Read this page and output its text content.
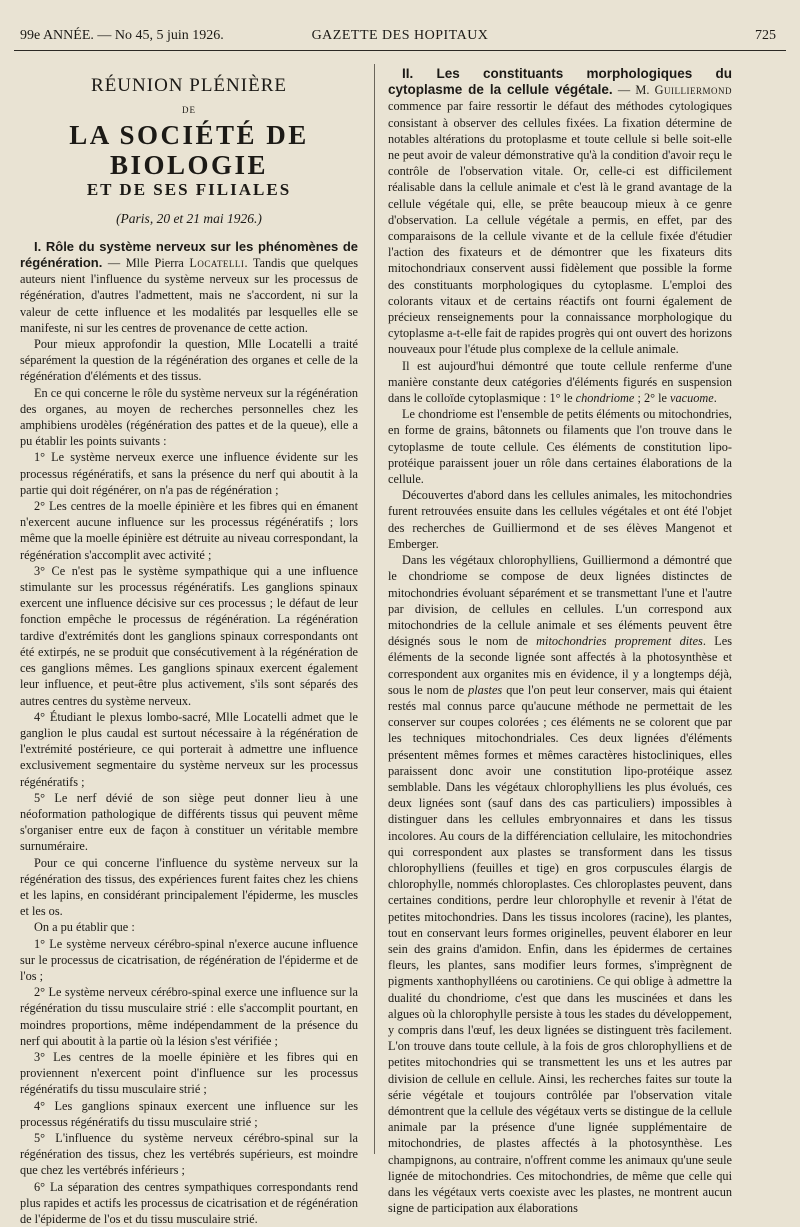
99e ANNÉE. — No 45, 5 juin 1926.	GAZETTE DES HOPITAUX	725
RÉUNION PLÉNIÈRE
DE
LA SOCIÉTÉ DE BIOLOGIE
ET DE SES FILIALES
(Paris, 20 et 21 mai 1926.)

I. Rôle du système nerveux sur les phénomènes de régénération. — Mlle Pierra Locatelli. Tandis que quelques auteurs nient l'influence du système nerveux sur les processus de régénération, d'autres l'admettent, mais ne s'accordent, ni sur la valeur de cette influence et les modalités par lesquelles elle se manifeste, ni sur les centres de provenance de cette action.

Pour mieux approfondir la question, Mlle Locatelli a traité séparément la question de la régénération des organes et celle de la régénération d'éléments et des tissus.

En ce qui concerne le rôle du système nerveux sur la régénération des organes, au moyen de recherches personnelles chez les amphibiens urodèles (régénération des pattes et de la queue), elle a pu établir les points suivants :

1° Le système nerveux exerce une influence évidente sur les processus régénératifs, et sans la présence du nerf qui aboutit à la partie qui doit régénérer, on n'a pas de régénération ;

2° Les centres de la moelle épinière et les fibres qui en émanent n'exercent aucune influence sur les processus régénératifs ; lors même que la moelle épinière est détruite au niveau correspondant, la régénération s'accomplit avec activité ;

3° Ce n'est pas le système sympathique qui a une influence stimulante sur les processus régénératifs. Les ganglions spinaux exercent une influence décisive sur ces processus ; le défaut de leur fonction empêche le processus de régénération. La régénération tardive d'extrémités dont les ganglions spinaux correspondants ont été extirpés, ne se produit que consécutivement à la régénération de ces ganglions mêmes. Les ganglions spinaux exercent également leur influence, et peut-être plus activement, s'ils sont séparés des autres centres du système nerveux.

4° Étudiant le plexus lombo-sacré, Mlle Locatelli admet que le ganglion le plus caudal est surtout nécessaire à la régénération de l'extrémité postérieure, ce qui porterait à admettre une influence exclusivement segmentaire du système nerveux sur les processus régénératifs ;

5° Le nerf dévié de son siège peut donner lieu à une néoformation pathologique de différents tissus qui peuvent même s'organiser entre eux de façon à constituer un véritable membre surnuméraire.

Pour ce qui concerne l'influence du système nerveux sur la régénération des tissus, des expériences furent faites chez les chiens et les lapins, en considérant principalement l'épiderme, les muscles et les os.

On a pu établir que :

1° Le système nerveux cérébro-spinal n'exerce aucune influence sur le processus de cicatrisation, de régénération de l'épiderme et de l'os ;

2° Le système nerveux cérébro-spinal exerce une influence sur la régénération du tissu musculaire strié : elle s'accomplit pourtant, en moindres proportions, même indépendamment de la présence du nerf qui aboutit à la partie où la lésion s'est vérifiée ;

3° Les centres de la moelle épinière et les fibres qui en proviennent n'exercent point d'influence sur les processus régénératifs du tissu musculaire strié ;

4° Les ganglions spinaux exercent une influence sur les processus régénératifs du tissu musculaire strié ;

5° L'influence du système nerveux cérébro-spinal sur la régénération des tissus, chez les vertébrés supérieurs, est moindre que chez les vertébrés inférieurs ;

6° La séparation des centres sympathiques correspondants rend plus rapides et actifs les processus de cicatrisation et de régénération de l'épiderme de l'os et du tissu musculaire strié.

II. Les constituants morphologiques du cytoplasme de la cellule végétale. — M. Guilliermond commence par faire ressortir le défaut des méthodes cytologiques consistant à observer des cellules fixées. La fixation détermine de notables altérations du protoplasme et toute cellule si belle soit-elle ne peut avoir de valeur démonstrative qu'à la condition d'avoir reçu le contrôle de l'observation vitale. Or, celle-ci est difficilement réalisable dans la cellule animale et c'est là le grand avantage de la cellule végétale qui, elle, se prête beaucoup mieux à ce genre d'observation. La cellule végétale a permis, en effet, par des comparaisons de la cellule vivante et de la cellule fixée d'étudier l'action des fixateurs et de démontrer que les fixateurs dits mitochondriaux conservent aussi fidèlement que possible la forme des constituants morphologiques du cytoplasme. L'emploi des colorants vitaux et de certains réactifs ont fourni également de précieux renseignements pour la connaissance morphologique du cytoplasme a-t-elle fait de rapides progrès qui ont ouvert des horizons nouveaux pour l'étude plus complexe de la cellule animale.

Il est aujourd'hui démontré que toute cellule renferme d'une manière constante deux catégories d'éléments figurés en suspension dans le colloïde cytoplasmique : 1° le chondriome ; 2° le vacuome.

Le chondriome est l'ensemble de petits éléments ou mitochondries, en forme de grains, bâtonnets ou filaments que l'on trouve dans le cytoplasme de toute cellule. Ces éléments de constitution lipo-protéique paraissent jouer un rôle dans certaines élaborations de la cellule.

Découvertes d'abord dans les cellules animales, les mitochondries furent retrouvées ensuite dans les cellules végétales et ont été l'objet des recherches de Guilliermond et de ses élèves Mangenot et Emberger.

Dans les végétaux chlorophylliens, Guilliermond a démontré que le chondriome se compose de deux lignées distinctes de mitochondries évoluant séparément et se transmettant l'une et l'autre par division, de cellules en cellules. L'un correspond aux mitochondries de la cellule animale et ses éléments peuvent être désignés sous le nom de mitochondries proprement dites. Les éléments de la seconde lignée sont affectés à la photosynthèse et correspondent aux organites mis en évidence, il y a longtemps déjà, sous le nom de plastes que l'on peut leur conserver, mais qui étaient restés mal connus parce qu'aucune méthode ne permettait de les conserver sur coupes colorées ; ces éléments ne se colorent que par les techniques mitochondriales. Ces deux lignées d'éléments présentent mêmes formes et mêmes caractères histocliniques, elles paraissent donc avoir une constitution lipo-protéique assez semblable. Dans les végétaux chlorophylliens les plus évolués, ces deux lignées sont (sauf dans des cas particuliers) impossibles à distinguer dans les cellules embryonnaires et dans les tissus incolores. Au cours de la différenciation cellulaire, les mitochondries qui correspondent aux plastes se transforment dans les tissus chlorophylliens (feuilles et tige) en gros corpuscules élargis de chlorophylle, nommés chloroplastes. Ces chloroplastes peuvent, dans certaines conditions, perdre leur chlorophylle et revenir à l'état de petites mitochondries. Dans les tissus incolores (racine), les plantes, tout en conservant leurs formes originelles, peuvent élaborer en leur sein des grains d'amidon. Enfin, dans les épidermes de certaines fleurs, les plantes, sans modifier leurs formes, s'imprègnent de pigments xanthophylléens ou carotiniens. Ce qui oblige à admettre la dualité du chondriome, c'est que dans les muscinées et dans les algues où la chlorophylle persiste à tous les stades du développement, y compris dans l'œuf, les deux lignées se distinguent très facilement. L'on trouve dans toute cellule, à la fois de gros chlorophylliens et de petites mitochondries qui se transmettent les uns et les autres par division de cellule en cellule. Ainsi, les recherches faites sur toute la série végétale et toujours contrôlée par l'observation vitale démontrent que la cellule des végétaux verts se distingue de la cellule animale par la présence d'une lignée supplémentaire de mitochondries, de plastes affectés à la photosynthèse. Les champignons, au contraire, n'offrent comme les animaux qu'une seule lignée de mitochondries. Ces mitochondries, de même que celle qui dans les végétaux verts coexiste avec les plastes, ne montrent aucun signe de participation aux élaborations
